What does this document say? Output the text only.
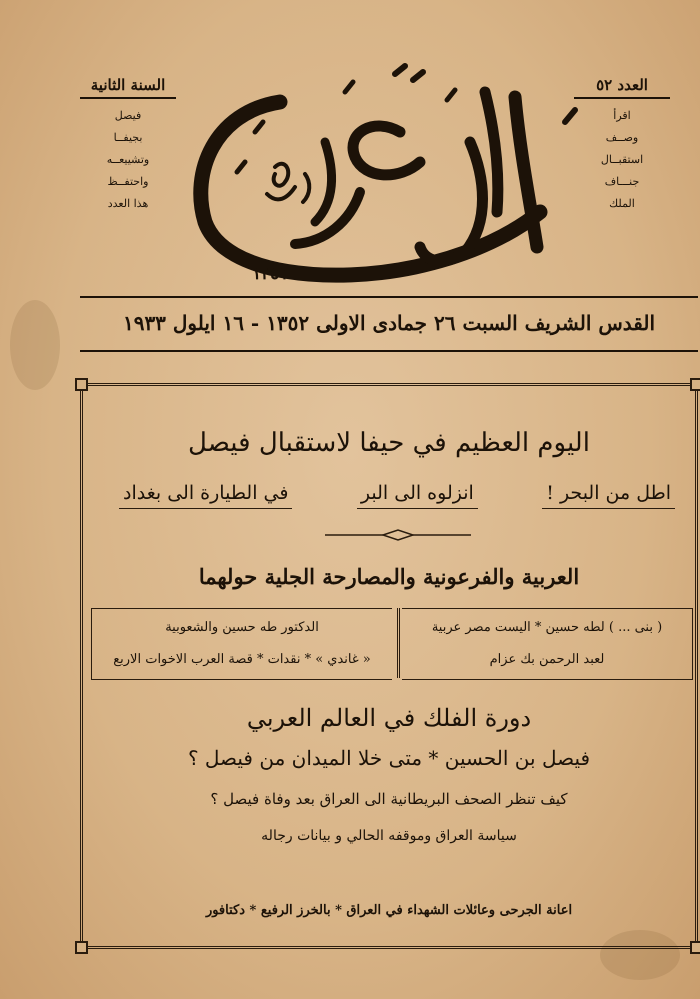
العدد ٥٢
اقرأ
وصــف
استقبــال
جنـــاف
الملك
السنة الثانية
فيصل
بجيفــا
وتشييعــه
واحتفــظ
هذا العدد
١٣٥١
القدس الشريف السبت ٢٦ جمادى الاولى ١٣٥٢ - ١٦ ايلول ١٩٣٣
اليوم العظيم في حيفا لاستقبال فيصل
اطل من البحر !
انزلوه الى البر
في الطيارة الى بغداد
العربية والفرعونية والمصارحة الجلية حولهما
( بنى ... ) لطه حسين * اليست مصر عربية
لعبد الرحمن بك عزام
الدكتور طه حسين والشعوبية
« غاندي » * نقدات * قصة العرب الاخوات الاربع
دورة الفلك في العالم العربي
فيصل بن الحسين * متى خلا الميدان من فيصل ؟
كيف تنظر الصحف البريطانية الى العراق بعد وفاة فيصل ؟
سياسة العراق وموقفه الحالي و بيانات رجاله
اعانة الجرحى وعائلات الشهداء في العراق * بالخرز الرفيع * دكتافور
